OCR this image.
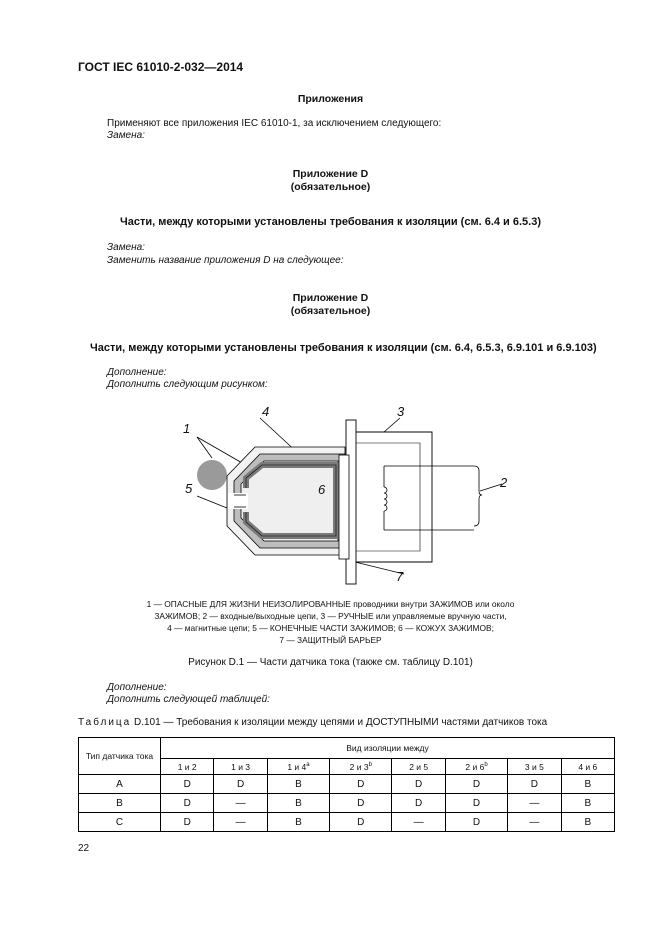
ГОСТ IEC 61010-2-032—2014
Приложения
Применяют все приложения IEC 61010-1, за исключением следующего:
Замена:
Приложение D
(обязательное)
Части, между которыми установлены требования к изоляции (см. 6.4 и 6.5.3)
Замена:
Заменить название приложения D на следующее:
Приложение D
(обязательное)
Части, между которыми установлены требования к изоляции (см. 6.4, 6.5.3, 6.9.101 и 6.9.103)
Дополнение:
Дополнить следующим рисунком:
1
2
3
4
5	6
7
1 — ОПАСНЫЕ ДЛЯ ЖИЗНИ НЕИЗОЛИРОВАННЫЕ проводники внутри ЗАЖИМОВ или около
ЗАЖИМОВ; 2 — входные/выходные цепи, 3 — РУЧНЫЕ или управляемые вручную части,
4 — магнитные цепи; 5 — КОНЕЧНЫЕ ЧАСТИ ЗАЖИМОВ; 6 — КОЖУХ ЗАЖИМОВ;
7 — ЗАЩИТНЫЙ БАРЬЕР
Рисунок D.1 — Части датчика тока (также см. таблицу D.101)
Дополнение:
Дополнить следующей таблицей:
Таблица D.101 — Требования к изоляции между цепями и ДОСТУПНЫМИ частями датчиков тока
Тип датчика тока	Вид изоляции между							
	1 и 2	1 и 3	1 и 4$^a$	2 и 3$^b$	2 и 5	2 и 6$^b$	3 и 5	4 и 6
A	D	D	B	D	D	D	D	B
B	D	—	B	D	D	D	—	B
C	D	—	B	D	—	D	—	B
22
